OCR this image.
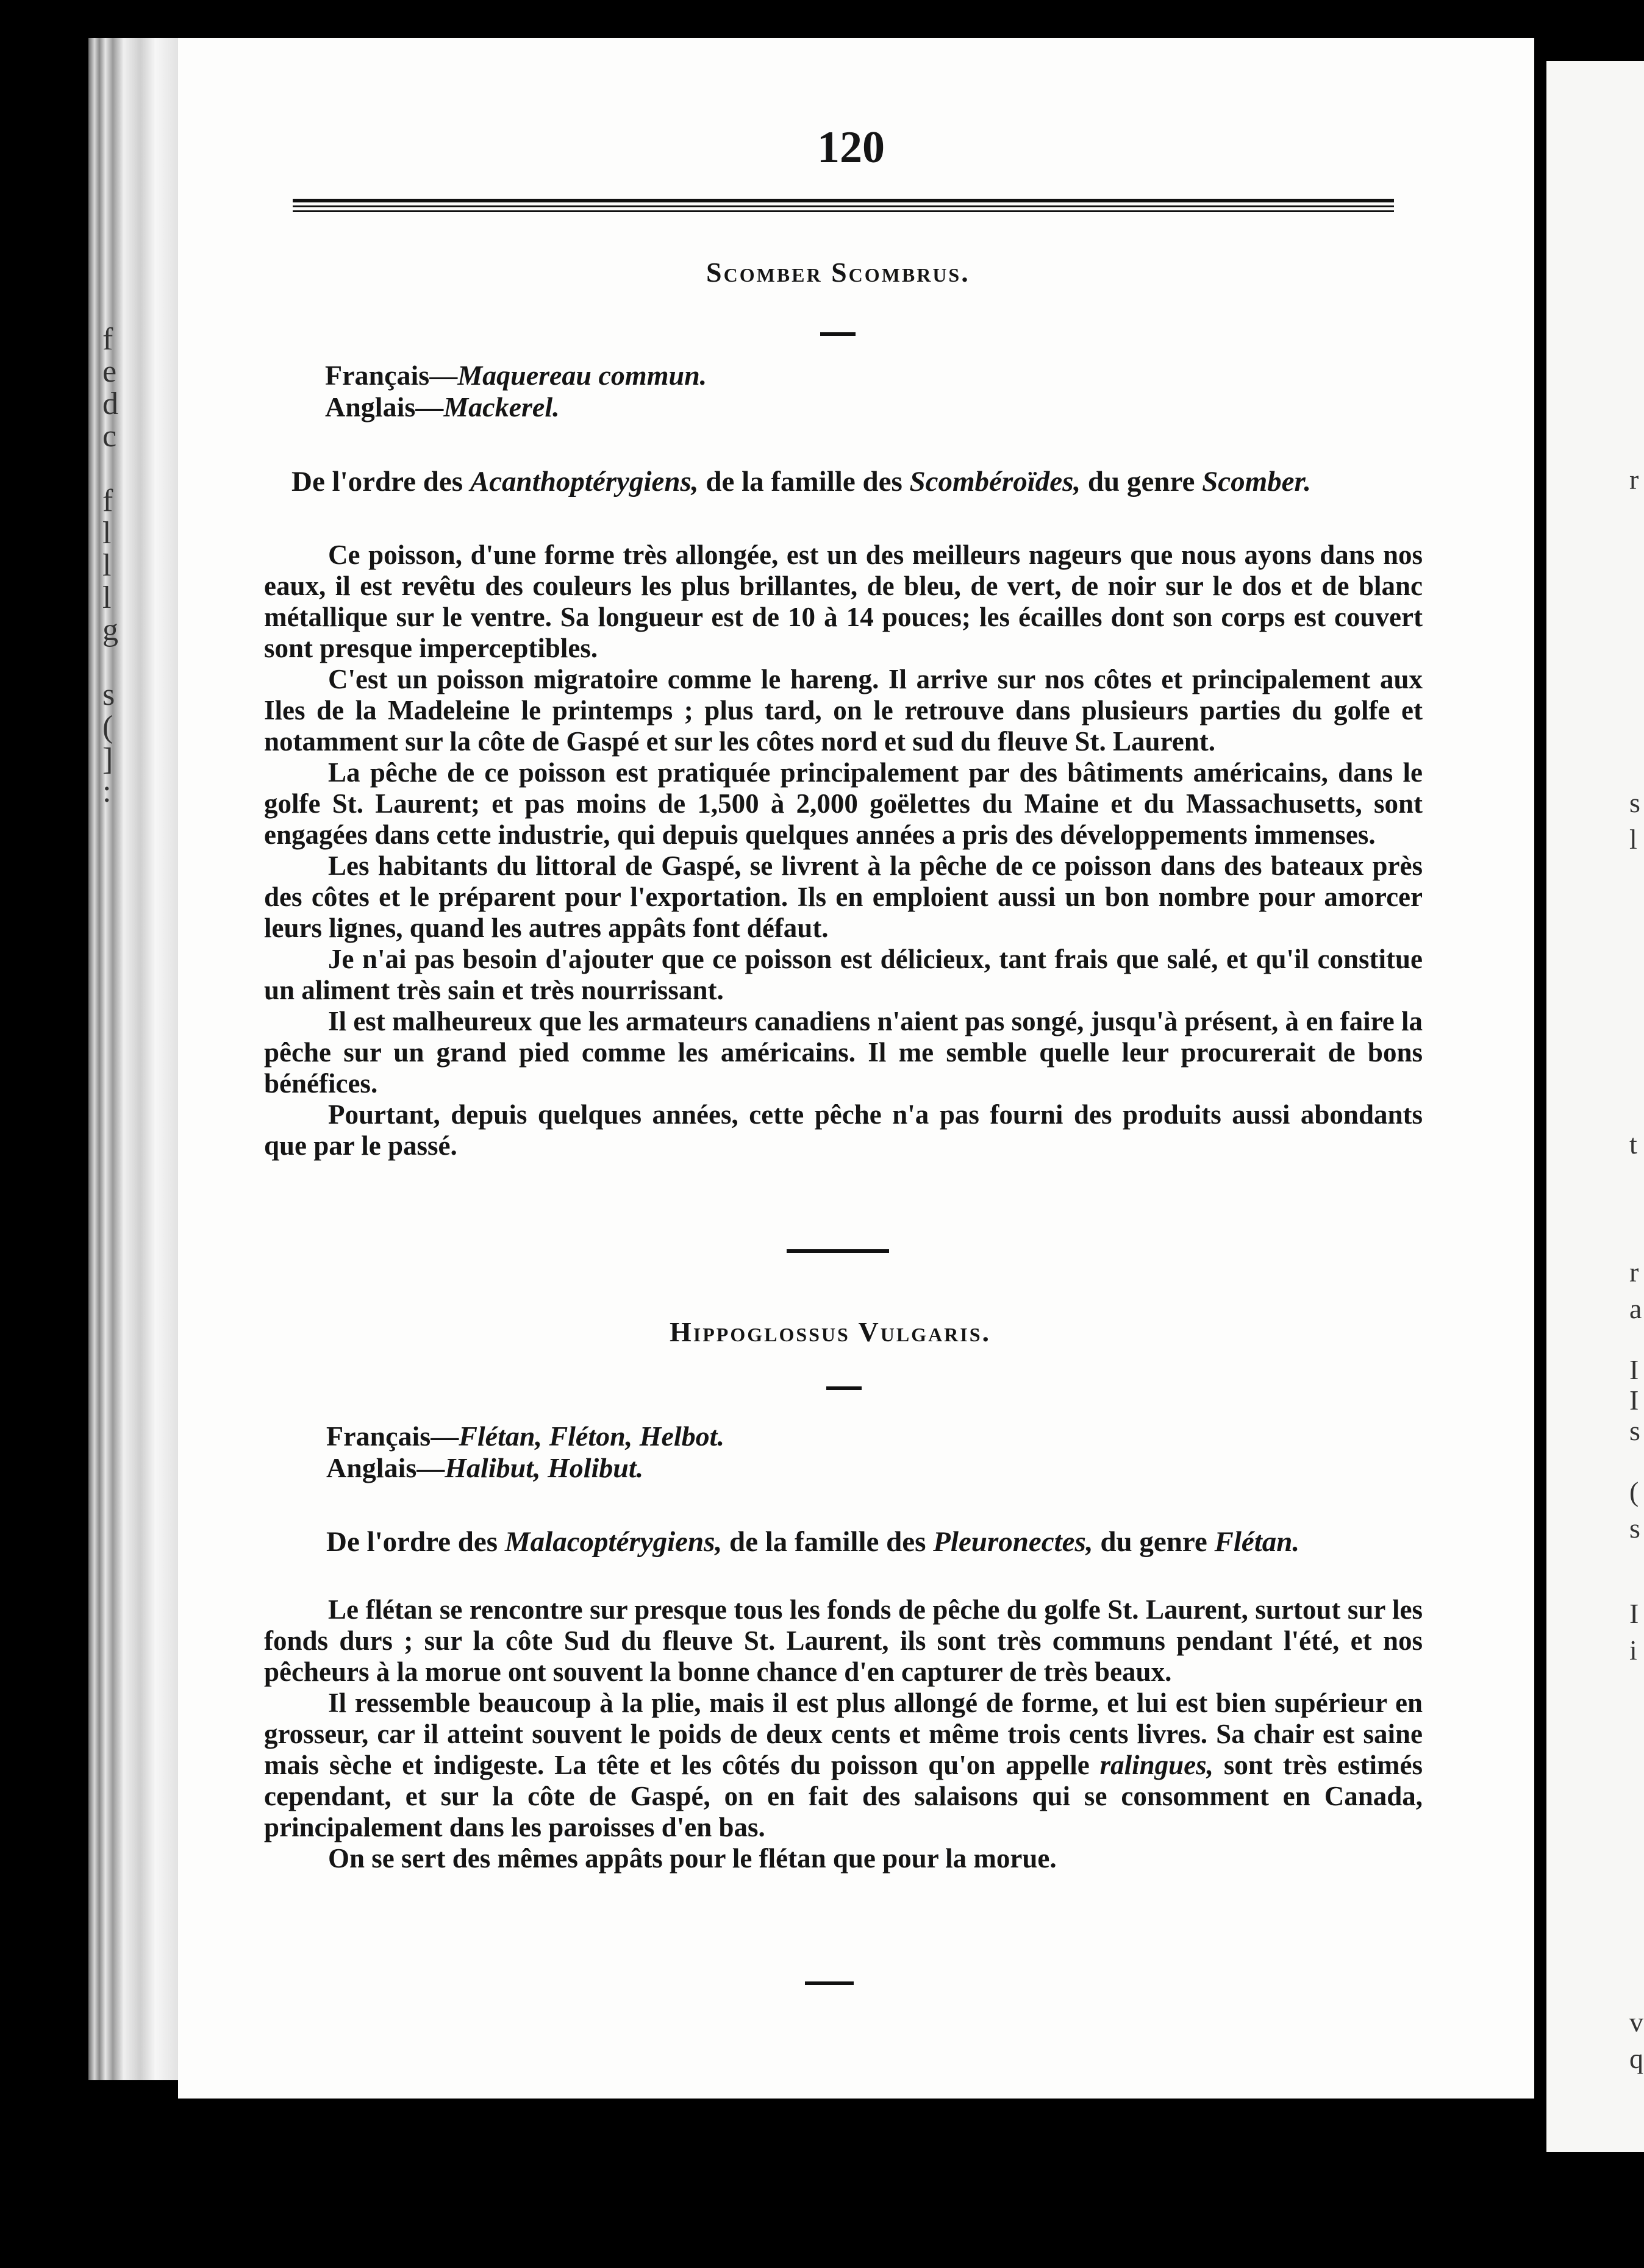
f
e
d
c

f
l
l
l
g

s
(
]
:
r
s
l
t
r
a
I
I
s
(
s
I
i
v
q
120
Scomber Scombrus.
Français—Maquereau commun.
Anglais—Mackerel.
De l'ordre des Acanthoptérygiens, de la famille des Scombéroïdes, du genre Scomber.

Ce poisson, d'une forme très allongée, est un des meilleurs nageurs que nous ayons dans nos eaux, il est revêtu des couleurs les plus brillantes, de bleu, de vert, de noir sur le dos et de blanc métallique sur le ventre. Sa longueur est de 10 à 14 pouces; les écailles dont son corps est couvert sont presque imperceptibles.

C'est un poisson migratoire comme le hareng. Il arrive sur nos côtes et principalement aux Iles de la Madeleine le printemps ; plus tard, on le retrouve dans plusieurs parties du golfe et notamment sur la côte de Gaspé et sur les côtes nord et sud du fleuve St. Laurent.

La pêche de ce poisson est pratiquée principalement par des bâtiments américains, dans le golfe St. Laurent; et pas moins de 1,500 à 2,000 goëlettes du Maine et du Massachusetts, sont engagées dans cette industrie, qui depuis quelques années a pris des développements immenses.

Les habitants du littoral de Gaspé, se livrent à la pêche de ce poisson dans des bateaux près des côtes et le préparent pour l'exportation. Ils en emploient aussi un bon nombre pour amorcer leurs lignes, quand les autres appâts font défaut.

Je n'ai pas besoin d'ajouter que ce poisson est délicieux, tant frais que salé, et qu'il constitue un aliment très sain et très nourrissant.

Il est malheureux que les armateurs canadiens n'aient pas songé, jusqu'à présent, à en faire la pêche sur un grand pied comme les américains. Il me semble quelle leur procurerait de bons bénéfices.

Pourtant, depuis quelques années, cette pêche n'a pas fourni des produits aussi abondants que par le passé.

Hippoglossus Vulgaris.
Français—Flétan, Fléton, Helbot.
Anglais—Halibut, Holibut.
De l'ordre des Malacoptérygiens, de la famille des Pleuronectes, du genre Flétan.

Le flétan se rencontre sur presque tous les fonds de pêche du golfe St. Laurent, surtout sur les fonds durs ; sur la côte Sud du fleuve St. Laurent, ils sont très communs pendant l'été, et nos pêcheurs à la morue ont souvent la bonne chance d'en capturer de très beaux.

Il ressemble beaucoup à la plie, mais il est plus allongé de forme, et lui est bien supérieur en grosseur, car il atteint souvent le poids de deux cents et même trois cents livres. Sa chair est saine mais sèche et indigeste. La tête et les côtés du poisson qu'on appelle ralingues, sont très estimés cependant, et sur la côte de Gaspé, on en fait des salaisons qui se consomment en Canada, principalement dans les paroisses d'en bas.

On se sert des mêmes appâts pour le flétan que pour la morue.
